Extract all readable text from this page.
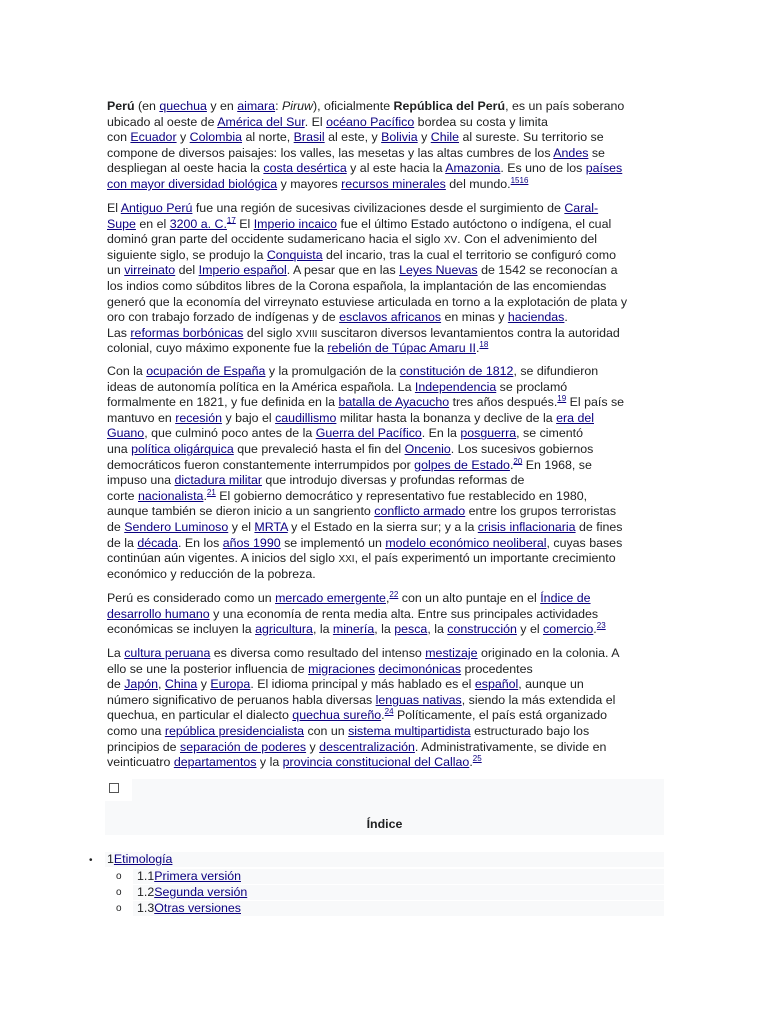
Perú (en quechua y en aimara: Piruw), oficialmente República del Perú, es un país soberano
ubicado al oeste de América del Sur. El océano Pacífico bordea su costa y limita
con Ecuador y Colombia al norte, Brasil al este, y Bolivia y Chile al sureste. Su territorio se
compone de diversos paisajes: los valles, las mesetas y las altas cumbres de los Andes se
despliegan al oeste hacia la costa desértica y al este hacia la Amazonia. Es uno de los países
con mayor diversidad biológica y mayores recursos minerales del mundo.$^{1516}$
El Antiguo Perú fue una región de sucesivas civilizaciones desde el surgimiento de Caral-
Supe en el 3200 a. C.$^{17}$ El Imperio incaico fue el último Estado autóctono o indígena, el cual
dominó gran parte del occidente sudamericano hacia el siglo XV. Con el advenimiento del
siguiente siglo, se produjo la Conquista del incario, tras la cual el territorio se configuró como
un virreinato del Imperio español. A pesar que en las Leyes Nuevas de 1542 se reconocían a
los indios como súbditos libres de la Corona española, la implantación de las encomiendas
generó que la economía del virreynato estuviese articulada en torno a la explotación de plata y
oro con trabajo forzado de indígenas y de esclavos africanos en minas y haciendas.
Las reformas borbónicas del siglo XVIII suscitaron diversos levantamientos contra la autoridad
colonial, cuyo máximo exponente fue la rebelión de Túpac Amaru II.$^{18}$
Con la ocupación de España y la promulgación de la constitución de 1812, se difundieron
ideas de autonomía política en la América española. La Independencia se proclamó
formalmente en 1821, y fue definida en la batalla de Ayacucho tres años después.$^{19}$ El país se
mantuvo en recesión y bajo el caudillismo militar hasta la bonanza y declive de la era del
Guano, que culminó poco antes de la Guerra del Pacífico. En la posguerra, se cimentó
una política oligárquica que prevaleció hasta el fin del Oncenio. Los sucesivos gobiernos
democráticos fueron constantemente interrumpidos por golpes de Estado.$^{20}$ En 1968, se
impuso una dictadura militar que introdujo diversas y profundas reformas de
corte nacionalista.$^{21}$ El gobierno democrático y representativo fue restablecido en 1980,
aunque también se dieron inicio a un sangriento conflicto armado entre los grupos terroristas
de Sendero Luminoso y el MRTA y el Estado en la sierra sur; y a la crisis inflacionaria de fines
de la década. En los años 1990 se implementó un modelo económico neoliberal, cuyas bases
continúan aún vigentes. A inicios del siglo XXI, el país experimentó un importante crecimiento
económico y reducción de la pobreza.
Perú es considerado como un mercado emergente,$^{22}$ con un alto puntaje en el Índice de
desarrollo humano y una economía de renta media alta. Entre sus principales actividades
económicas se incluyen la agricultura, la minería, la pesca, la construcción y el comercio.$^{23}$
La cultura peruana es diversa como resultado del intenso mestizaje originado en la colonia. A
ello se une la posterior influencia de migraciones decimonónicas procedentes
de Japón, China y Europa. El idioma principal y más hablado es el español, aunque un
número significativo de peruanos habla diversas lenguas nativas, siendo la más extendida el
quechua, en particular el dialecto quechua sureño.$^{24}$ Políticamente, el país está organizado
como una república presidencialista con un sistema multipartidista estructurado bajo los
principios de separación de poderes y descentralización. Administrativamente, se divide en
veinticuatro departamentos y la provincia constitucional del Callao.$^{25}$
Índice
• 1Etimología
o	1.1Primera versión
o	1.2Segunda versión
o	1.3Otras versiones
